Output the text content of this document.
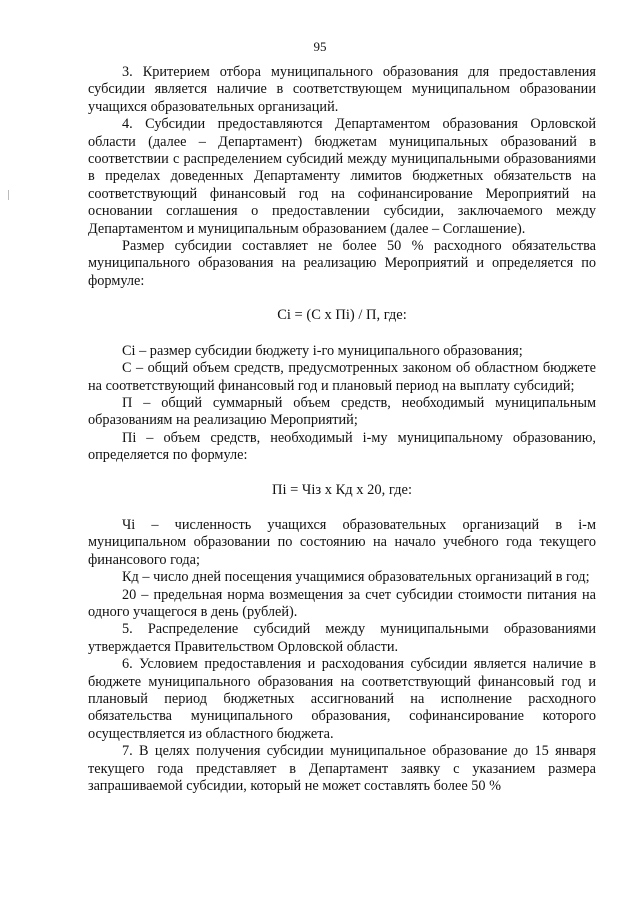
95

3. Критерием отбора муниципального образования для предоставления субсидии является наличие в соответствующем муниципальном образовании учащихся образовательных организаций.

4. Субсидии предоставляются Департаментом образования Орловской области (далее – Департамент) бюджетам муниципальных образований в соответствии с распределением субсидий между муниципальными образованиями в пределах доведенных Департаменту лимитов бюджетных обязательств на соответствующий финансовый год на софинансирование Мероприятий на основании соглашения о предоставлении субсидии, заключаемого между Департаментом и муниципальным образованием (далее – Соглашение).

Размер субсидии составляет не более 50 % расходного обязательства муниципального образования на реализацию Мероприятий и определяется по формуле:

Сi = (С х Пi) / П, где:

Сi – размер субсидии бюджету i-го муниципального образования;

С – общий объем средств, предусмотренных законом об областном бюджете на соответствующий финансовый год и плановый период на выплату субсидий;

П – общий суммарный объем средств, необходимый муниципальным образованиям на реализацию Мероприятий;

Пi – объем средств, необходимый i-му муниципальному образованию, определяется по формуле:

Пi = Чiз х Кд х 20, где:

Чi – численность учащихся образовательных организаций в i-м муниципальном образовании по состоянию на начало учебного года текущего финансового года;

Кд – число дней посещения учащимися образовательных организаций в год;

20 – предельная норма возмещения за счет субсидии стоимости питания на одного учащегося в день (рублей).

5. Распределение субсидий между муниципальными образованиями утверждается Правительством Орловской области.

6. Условием предоставления и расходования субсидии является наличие в бюджете муниципального образования на соответствующий финансовый год и плановый период бюджетных ассигнований на исполнение расходного обязательства муниципального образования, софинансирование которого осуществляется из областного бюджета.

7. В целях получения субсидии муниципальное образование до 15 января текущего года представляет в Департамент заявку с указанием размера запрашиваемой субсидии, который не может составлять более 50 %
